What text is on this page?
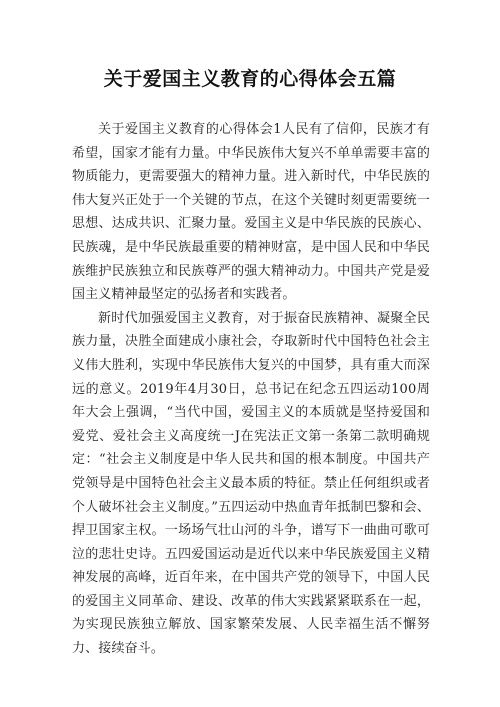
关于爱国主义教育的心得体会五篇

关于爱国主义教育的心得体会1人民有了信仰，民族才有希望，国家才能有力量。中华民族伟大复兴不单单需要丰富的物质能力，更需要强大的精神力量。进入新时代，中华民族的伟大复兴正处于一个关键的节点，在这个关键时刻更需要统一思想、达成共识、汇聚力量。爱国主义是中华民族的民族心、民族魂，是中华民族最重要的精神财富，是中国人民和中华民族维护民族独立和民族尊严的强大精神动力。中国共产党是爱国主义精神最坚定的弘扬者和实践者。

新时代加强爱国主义教育，对于振奋民族精神、凝聚全民族力量，决胜全面建成小康社会，夺取新时代中国特色社会主义伟大胜利，实现中华民族伟大复兴的中国梦，具有重大而深远的意义。2019年4月30日，总书记在纪念五四运动100周年大会上强调，“当代中国，爱国主义的本质就是坚持爱国和爱党、爱社会主义高度统一J在宪法正文第一条第二款明确规定：“社会主义制度是中华人民共和国的根本制度。中国共产党领导是中国特色社会主义最本质的特征。禁止任何组织或者个人破坏社会主义制度。”五四运动中热血青年抵制巴黎和会、捍卫国家主权。一场场气壮山河的斗争，谱写下一曲曲可歌可泣的悲壮史诗。五四爱国运动是近代以来中华民族爱国主义精神发展的高峰，近百年来，在中国共产党的领导下，中国人民的爱国主义同革命、建设、改革的伟大实践紧紧联系在一起，为实现民族独立解放、国家繁荣发展、人民幸福生活不懈努力、接续奋斗。
